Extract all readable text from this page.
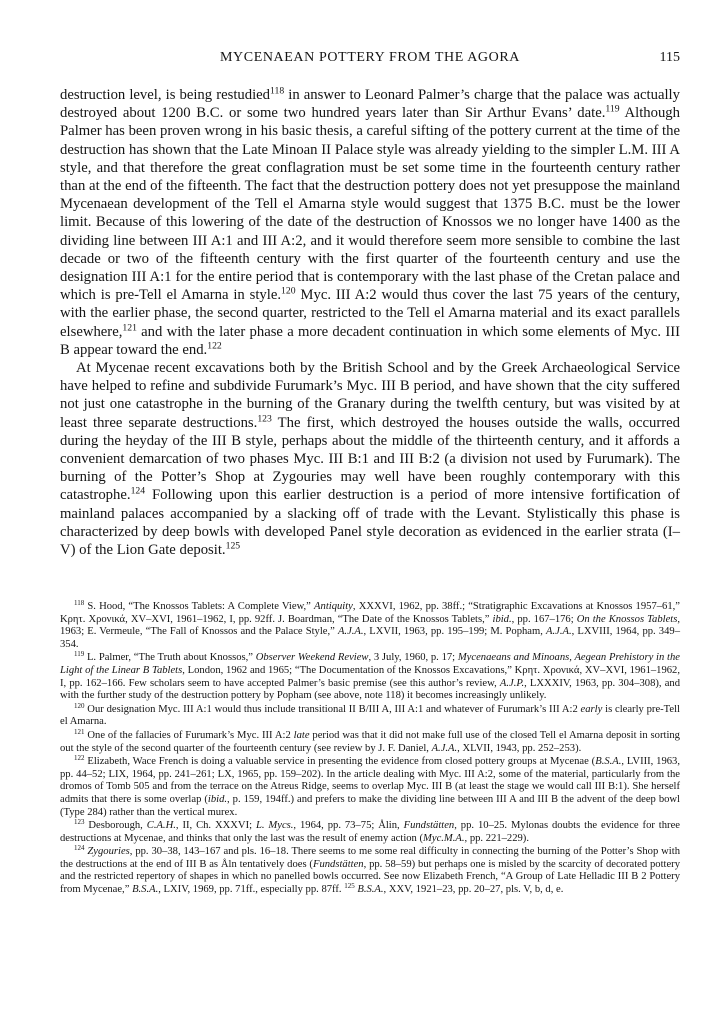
MYCENAEAN POTTERY FROM THE AGORA	115

destruction level, is being restudied$^{118}$ in answer to Leonard Palmer’s charge that the palace was actually destroyed about 1200 B.C. or some two hundred years later than Sir Arthur Evans’ date.$^{119}$ Although Palmer has been proven wrong in his basic thesis, a careful sifting of the pottery current at the time of the destruction has shown that the Late Minoan II Palace style was already yielding to the simpler L.M. III A style, and that therefore the great conflagration must be set some time in the fourteenth century rather than at the end of the fifteenth. The fact that the destruction pottery does not yet presuppose the mainland Mycenaean development of the Tell el Amarna style would suggest that 1375 B.C. must be the lower limit. Because of this lowering of the date of the destruction of Knossos we no longer have 1400 as the dividing line between III A:1 and III A:2, and it would therefore seem more sensible to combine the last decade or two of the fifteenth century with the first quarter of the fourteenth century and use the designation III A:1 for the entire period that is contemporary with the last phase of the Cretan palace and which is pre-Tell el Amarna in style.$^{120}$ Myc. III A:2 would thus cover the last 75 years of the century, with the earlier phase, the second quarter, restricted to the Tell el Amarna material and its exact parallels elsewhere,$^{121}$ and with the later phase a more decadent continuation in which some elements of Myc. III B appear toward the end.$^{122}$

At Mycenae recent excavations both by the British School and by the Greek Archaeological Service have helped to refine and subdivide Furumark’s Myc. III B period, and have shown that the city suffered not just one catastrophe in the burning of the Granary during the twelfth century, but was visited by at least three separate destructions.$^{123}$ The first, which destroyed the houses outside the walls, occurred during the heyday of the III B style, perhaps about the middle of the thirteenth century, and it affords a convenient demarcation of two phases Myc. III B:1 and III B:2 (a division not used by Furumark). The burning of the Potter’s Shop at Zygouries may well have been roughly contemporary with this catastrophe.$^{124}$ Following upon this earlier destruction is a period of more intensive fortification of mainland palaces accompanied by a slacking off of trade with the Levant. Stylistically this phase is characterized by deep bowls with developed Panel style decoration as evidenced in the earlier strata (I–V) of the Lion Gate deposit.$^{125}$

$^{118}$ S. Hood, “The Knossos Tablets: A Complete View,” Antiquity, XXXVI, 1962, pp. 38ff.; “Stratigraphic Excavations at Knossos 1957–61,” Κρητ. Χρονικά, XV–XVI, 1961–1962, I, pp. 92ff. J. Boardman, “The Date of the Knossos Tablets,” ibid., pp. 167–176; On the Knossos Tablets, 1963; E. Vermeule, “The Fall of Knossos and the Palace Style,” A.J.A., LXVII, 1963, pp. 195–199; M. Popham, A.J.A., LXVIII, 1964, pp. 349–354.

$^{119}$ L. Palmer, “The Truth about Knossos,” Observer Weekend Review, 3 July, 1960, p. 17; Mycenaeans and Minoans, Aegean Prehistory in the Light of the Linear B Tablets, London, 1962 and 1965; “The Documentation of the Knossos Excavations,” Κρητ. Χρονικά, XV–XVI, 1961–1962, I, pp. 162–166. Few scholars seem to have accepted Palmer’s basic premise (see this author’s review, A.J.P., LXXXIV, 1963, pp. 304–308), and with the further study of the destruction pottery by Popham (see above, note 118) it becomes increasingly unlikely.

$^{120}$ Our designation Myc. III A:1 would thus include transitional II B/III A, III A:1 and whatever of Furumark’s III A:2 early is clearly pre-Tell el Amarna.

$^{121}$ One of the fallacies of Furumark’s Myc. III A:2 late period was that it did not make full use of the closed Tell el Amarna deposit in sorting out the style of the second quarter of the fourteenth century (see review by J. F. Daniel, A.J.A., XLVII, 1943, pp. 252–253).

$^{122}$ Elizabeth, Wace French is doing a valuable service in presenting the evidence from closed pottery groups at Mycenae (B.S.A., LVIII, 1963, pp. 44–52; LIX, 1964, pp. 241–261; LX, 1965, pp. 159–202). In the article dealing with Myc. III A:2, some of the material, particularly from the dromos of Tomb 505 and from the terrace on the Atreus Ridge, seems to overlap Myc. III B (at least the stage we would call III B:1). She herself admits that there is some overlap (ibid., p. 159, 194ff.) and prefers to make the dividing line between III A and III B the advent of the deep bowl (Type 284) rather than the vertical murex.

$^{123}$ Desborough, C.A.H., II, Ch. XXXVI; L. Mycs., 1964, pp. 73–75; Ålin, Fundstätten, pp. 10–25. Mylonas doubts the evidence for three destructions at Mycenae, and thinks that only the last was the result of enemy action (Myc.M.A., pp. 221–229).

$^{124}$ Zygouries, pp. 30–38, 143–167 and pls. 16–18. There seems to me some real difficulty in connecting the burning of the Potter’s Shop with the destructions at the end of III B as Åln tentatively does (Fundstätten, pp. 58–59) but perhaps one is misled by the scarcity of decorated pottery and the restricted repertory of shapes in which no panelled bowls occurred. See now Elizabeth French, “A Group of Late Helladic III B 2 Pottery from Mycenae,” B.S.A., LXIV, 1969, pp. 71ff., especially pp. 87ff. $^{125}$ B.S.A., XXV, 1921–23, pp. 20–27, pls. V, b, d, e.
